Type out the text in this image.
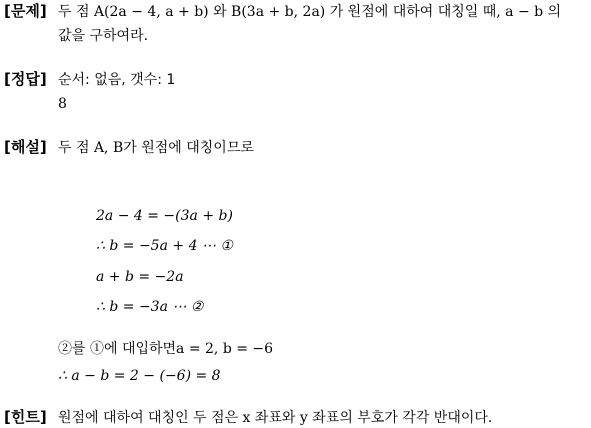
[문제] 두 점 A(2a − 4, a + b) 와 B(3a + b, 2a) 가 원점에 대하여 대칭일 때, a − b 의
값을 구하여라.
[정답] 순서: 없음, 갯수: 1
8
[해설] 두 점 A, B가 원점에 대칭이므로
2a − 4 = −(3a + b)
∴ b = −5a + 4 ⋯ ①
a + b = −2a
∴ b = −3a ⋯ ②
②를 ①에 대입하면a = 2, b = −6
∴ a − b = 2 − (−6) = 8
[힌트] 원점에 대하여 대칭인 두 점은 x 좌표와 y 좌표의 부호가 각각 반대이다.
